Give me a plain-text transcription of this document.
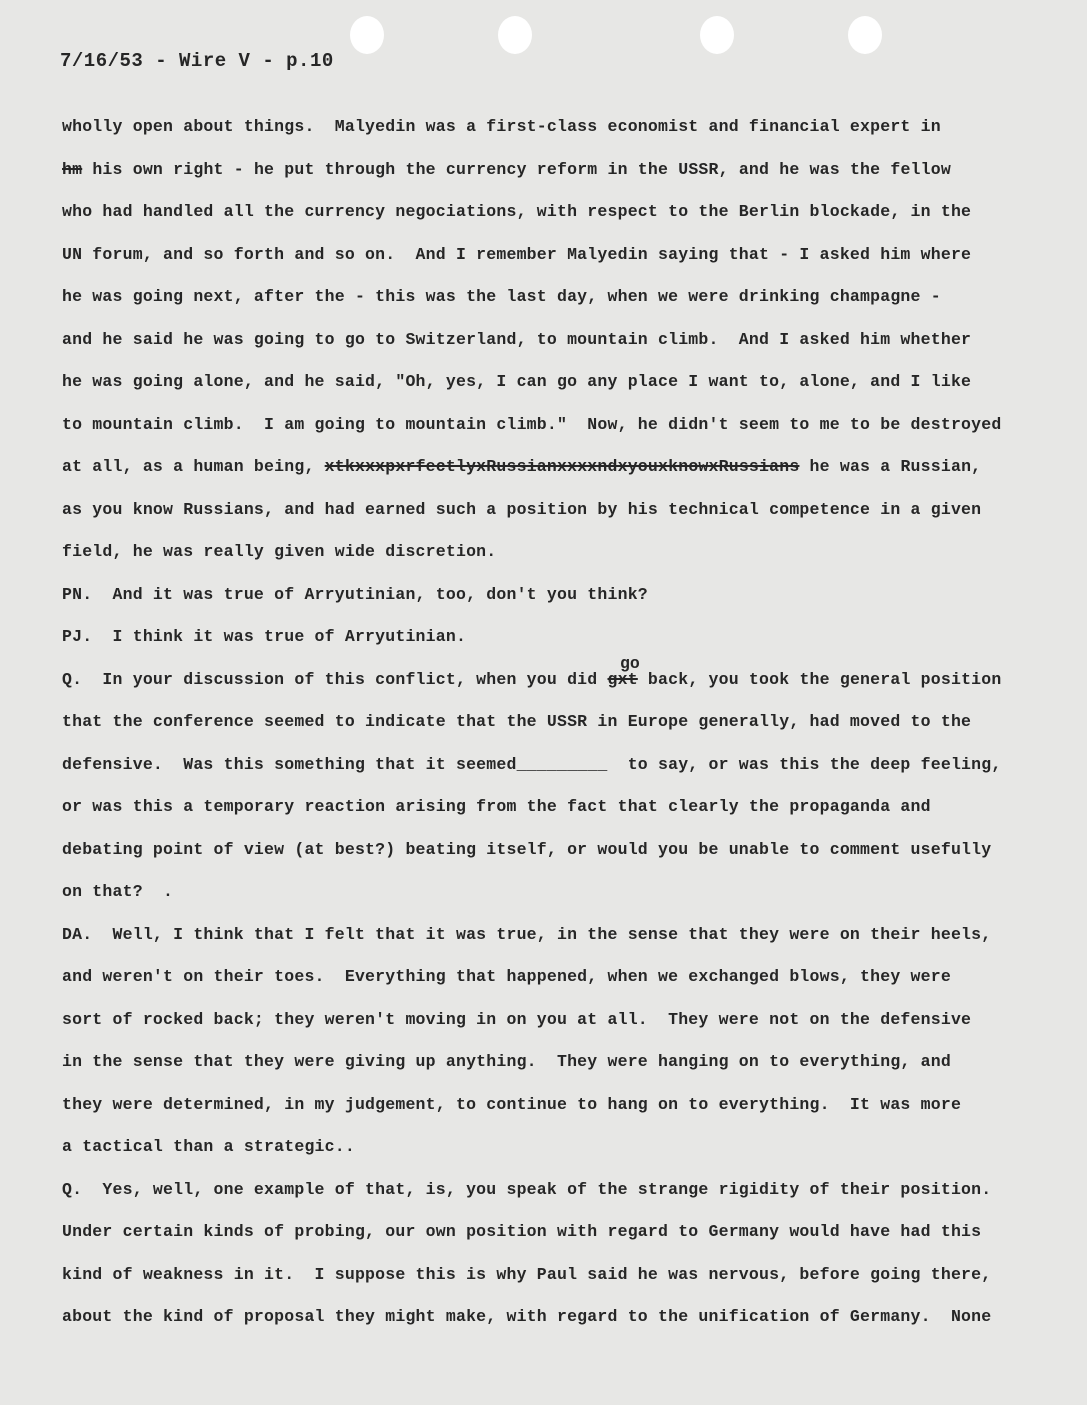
7/16/53 - Wire V - p.10
go
wholly open about things.  Malyedin was a first-class economist and financial expert in
hm his own right - he put through the currency reform in the USSR, and he was the fellow
who had handled all the currency negociations, with respect to the Berlin blockade, in the
UN forum, and so forth and so on.  And I remember Malyedin saying that - I asked him where
he was going next, after the - this was the last day, when we were drinking champagne -
and he said he was going to go to Switzerland, to mountain climb.  And I asked him whether
he was going alone, and he said, "Oh, yes, I can go any place I want to, alone, and I like
to mountain climb.  I am going to mountain climb."  Now, he didn't seem to me to be destroyed
at all, as a human being, xtkxxxpxrfectlyxRussianxxxxndxyouxknowxRussians he was a Russian,
as you know Russians, and had earned such a position by his technical competence in a given
field, he was really given wide discretion.
PN.  And it was true of Arryutinian, too, don't you think?
PJ.  I think it was true of Arryutinian.
Q.  In your discussion of this conflict, when you did gxt back, you took the general position
that the conference seemed to indicate that the USSR in Europe generally, had moved to the
defensive.  Was this something that it seemed_________  to say, or was this the deep feeling,
or was this a temporary reaction arising from the fact that clearly the propaganda and
debating point of view (at best?) beating itself, or would you be unable to comment usefully
on that?  .
DA.  Well, I think that I felt that it was true, in the sense that they were on their heels,
and weren't on their toes.  Everything that happened, when we exchanged blows, they were
sort of rocked back; they weren't moving in on you at all.  They were not on the defensive
in the sense that they were giving up anything.  They were hanging on to everything, and
they were determined, in my judgement, to continue to hang on to everything.  It was more
a tactical than a strategic..
Q.  Yes, well, one example of that, is, you speak of the strange rigidity of their position.
Under certain kinds of probing, our own position with regard to Germany would have had this
kind of weakness in it.  I suppose this is why Paul said he was nervous, before going there,
about the kind of proposal they might make, with regard to the unification of Germany.  None
